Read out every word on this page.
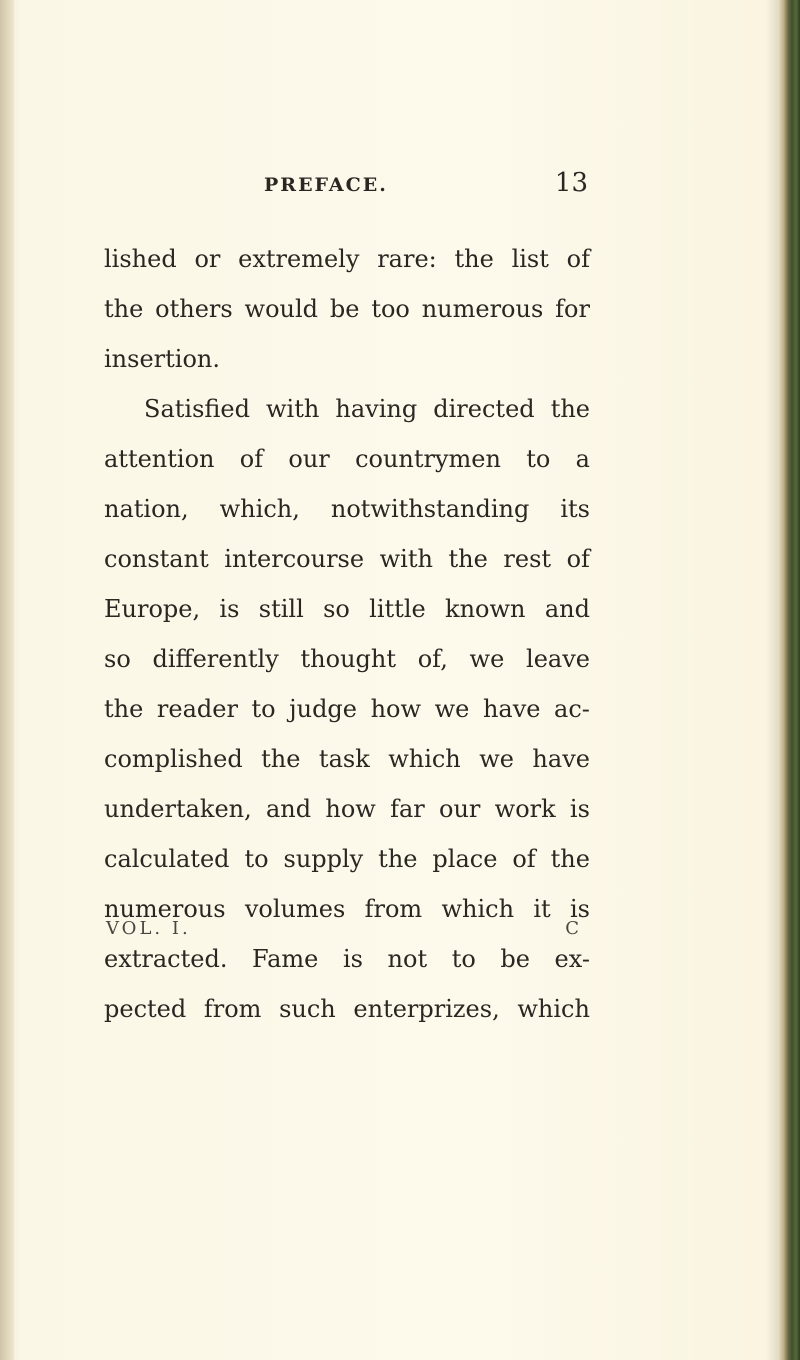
PREFACE.	13
lished or extremely rare: the list of
the others would be too numerous for
insertion.
Satisfied with having directed the
attention of our countrymen to a
nation, which, notwithstanding its
constant intercourse with the rest of
Europe, is still so little known and
so differently thought of, we leave
the reader to judge how we have ac-
complished the task which we have
undertaken, and how far our work is
calculated to supply the place of the
numerous volumes from which it is
extracted. Fame is not to be ex-
pected from such enterprizes, which
VOL. I.	C
